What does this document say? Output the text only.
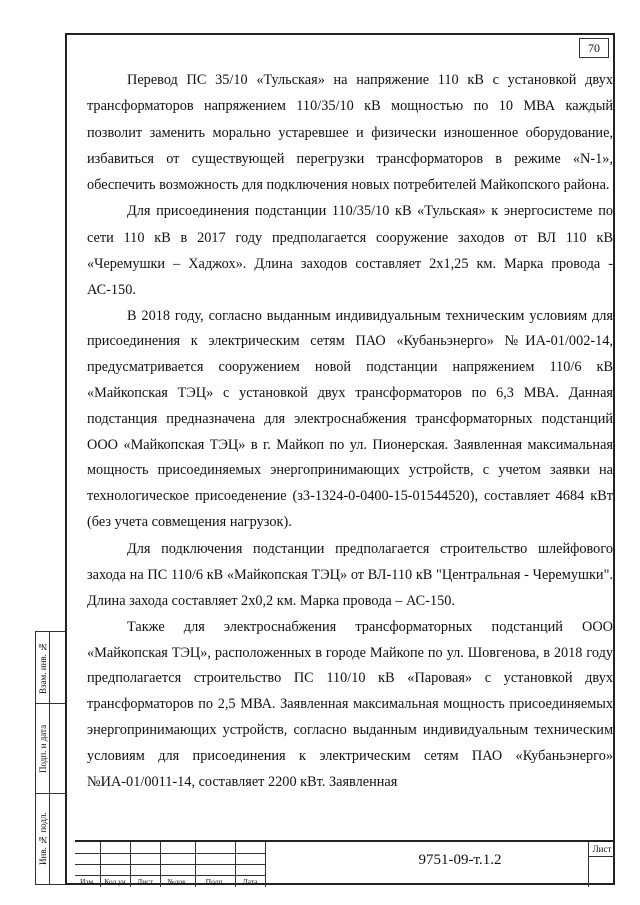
70

Перевод ПС 35/10 «Тульская» на напряжение 110 кВ с установкой двух трансформаторов напряжением 110/35/10 кВ мощностью по 10 МВА каждый позволит заменить морально устаревшее и физически изношенное оборудование, избавиться от существующей перегрузки трансформаторов в режиме «N-1», обеспечить возможность для подключения новых потребителей Майкопского района.

Для присоединения подстанции 110/35/10 кВ «Тульская» к энергосистеме по сети 110 кВ в 2017 году предполагается сооружение заходов от ВЛ 110 кВ «Черемушки – Хаджох». Длина заходов составляет 2х1,25 км. Марка провода - АС-150.

В 2018 году, согласно выданным индивидуальным техническим условиям для присоединения к электрическим сетям ПАО «Кубаньэнерго» №ИА-01/002-14, предусматривается сооружением новой подстанции напряжением 110/6 кВ «Майкопская ТЭЦ» с установкой двух трансформаторов по 6,3 МВА. Данная подстанция предназначена для электроснабжения трансформаторных подстанций ООО «Майкопская ТЭЦ» в г. Майкоп по ул. Пионерская. Заявленная максимальная мощность присоединяемых энергопринимающих устройств, с учетом заявки на технологическое присоеденение (з3-1324-0-0400-15-01544520), составляет 4684 кВт (без учета совмещения нагрузок).

Для подключения подстанции предполагается строительство шлейфового захода на ПС 110/6 кВ «Майкопская ТЭЦ» от ВЛ-110 кВ "Центральная - Черемушки". Длина захода составляет 2х0,2 км. Марка провода – АС-150.

Также для электроснабжения трансформаторных подстанций ООО «Майкопская ТЭЦ», расположенных в городе Майкопе по ул. Шовгенова, в 2018 году предполагается строительство ПС 110/10 кВ «Паровая» с установкой двух трансформаторов по 2,5 МВА. Заявленная максимальная мощность присоединяемых энергопринимающих устройств, согласно выданным индивидуальным техническим условиям для присоединения к электрическим сетям ПАО «Кубаньэнерго» №ИА-01/0011-14, составляет 2200 кВт. Заявленная

Взам. инв. №
Подп. и дата
Инв. № подл.
Изм.	Кол.уч	Лист	№док.	Подп.	Дата
9751-09-т.1.2
Лист
